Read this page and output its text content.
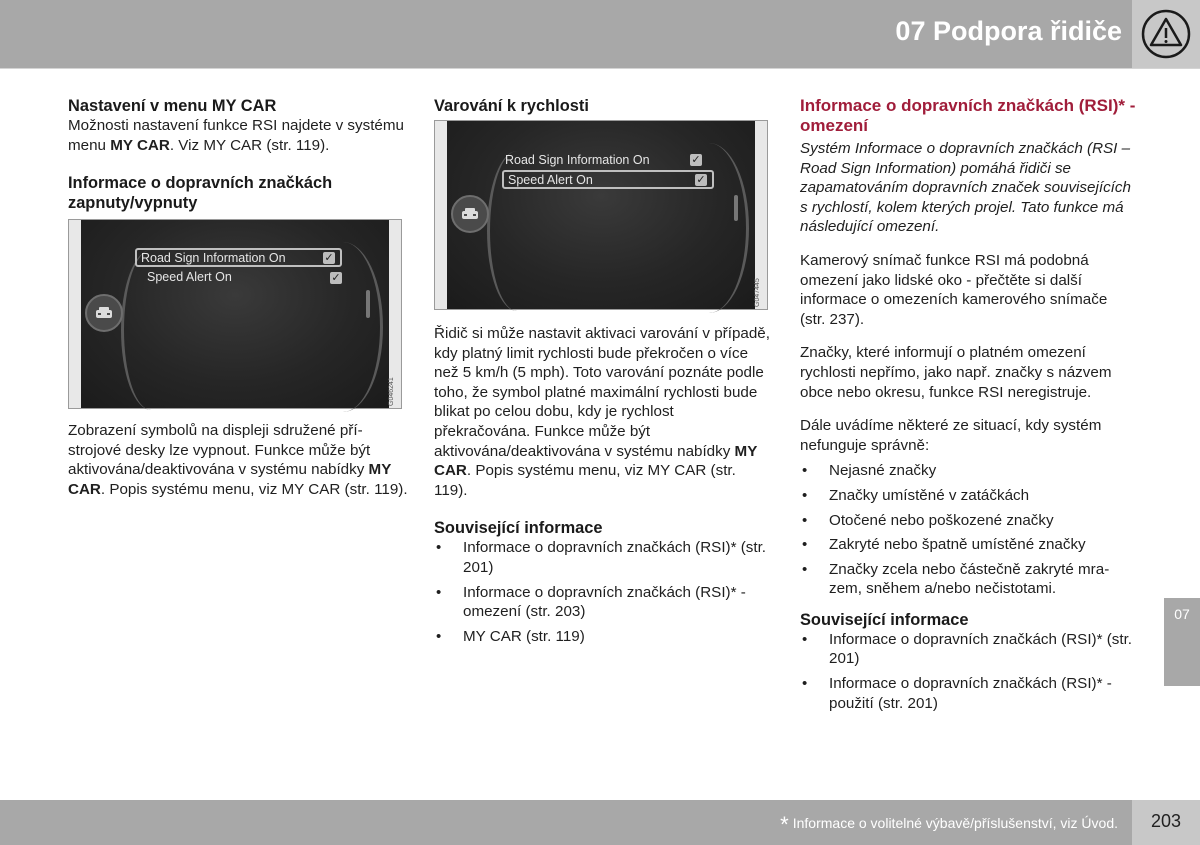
07 Podpora řidiče
Nastavení v menu MY CAR

Možnosti nastavení funkce RSI najdete v systému menu MY CAR. Viz MY CAR (str. 119).

Informace o dopravních značkách zapnuty/vypnuty
Road Sign Information On	✓
Speed Alert On	✓
G046241

Zobrazení symbolů na displeji sdružené přístrojové desky lze vypnout. Funkce může být aktivována/deaktivována v systému nabídky MY CAR. Popis systému menu, viz MY CAR (str. 119).

Varování k rychlosti
Road Sign Information On	✓
Speed Alert On	✓
G047445

Řidič si může nastavit aktivaci varování v případě, kdy platný limit rychlosti bude překročen o více než 5 km/h (5 mph). Toto varování poznáte podle toho, že symbol platné maximální rychlosti bude blikat po celou dobu, kdy je rychlost překračována. Funkce může být aktivována/deaktivována v systému nabídky MY CAR. Popis systému menu, viz MY CAR (str. 119).

Související informace
• Informace o dopravních značkách (RSI)* (str. 201)
• Informace o dopravních značkách (RSI)* - omezení (str. 203)
• MY CAR (str. 119)
Informace o dopravních značkách (RSI)* - omezení

Systém Informace o dopravních značkách (RSI – Road Sign Information) pomáhá řidiči se zapamatováním dopravních značek souvisejících s rychlostí, kolem kterých projel. Tato funkce má následující omezení.

Kamerový snímač funkce RSI má podobná omezení jako lidské oko - přečtěte si další informace o omezeních kamerového snímače (str. 237).

Značky, které informují o platném omezení rychlosti nepřímo, jako např. značky s názvem obce nebo okresu, funkce RSI neregistruje.

Dále uvádíme některé ze situací, kdy systém nefunguje správně:

• Nejasné značky
• Značky umístěné v zatáčkách
• Otočené nebo poškozené značky
• Zakryté nebo špatně umístěné značky
• Značky zcela nebo částečně zakryté mrazem, sněhem a/nebo nečistotami.
Související informace
• Informace o dopravních značkách (RSI)* (str. 201)
• Informace o dopravních značkách (RSI)* - použití (str. 201)
07
* Informace o volitelné výbavě/příslušenství, viz Úvod.	203
